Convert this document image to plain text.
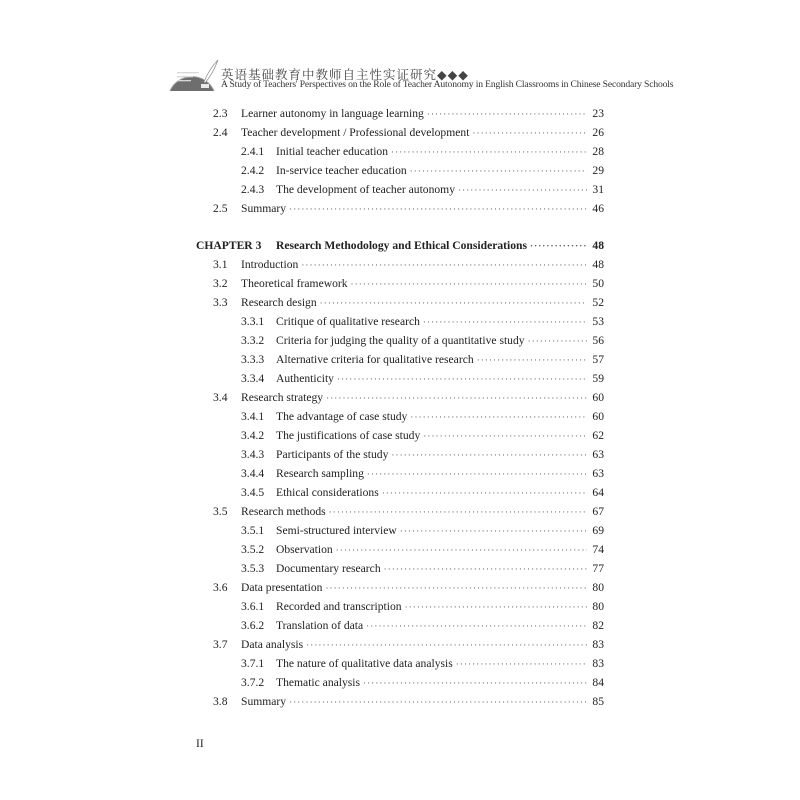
英语基础教育中教师自主性实证研究◆◆◆
A Study of Teachers' Perspectives on the Role of Teacher Autonomy in English Classrooms in Chinese Secondary Schools
2.3	Learner autonomy in language learning ·····	23
2.4	Teacher development / Professional development ·····	26
2.4.1	Initial teacher education ·····	28
2.4.2	In-service teacher education ·····	29
2.4.3	The development of teacher autonomy ·····	31
2.5	Summary ·····	46
CHAPTER 3	Research Methodology and Ethical Considerations ·····	48
3.1	Introduction ·····	48
3.2	Theoretical framework ·····	50
3.3	Research design ·····	52
3.3.1	Critique of qualitative research ·····	53
3.3.2	Criteria for judging the quality of a quantitative study ·····	56
3.3.3	Alternative criteria for qualitative research ·····	57
3.3.4	Authenticity ·····	59
3.4	Research strategy ·····	60
3.4.1	The advantage of case study ·····	60
3.4.2	The justifications of case study ·····	62
3.4.3	Participants of the study ·····	63
3.4.4	Research sampling ·····	63
3.4.5	Ethical considerations ·····	64
3.5	Research methods ·····	67
3.5.1	Semi-structured interview ·····	69
3.5.2	Observation ·····	74
3.5.3	Documentary research ·····	77
3.6	Data presentation ·····	80
3.6.1	Recorded and transcription ·····	80
3.6.2	Translation of data ·····	82
3.7	Data analysis ·····	83
3.7.1	The nature of qualitative data analysis ·····	83
3.7.2	Thematic analysis ·····	84
3.8	Summary ·····	85
II
